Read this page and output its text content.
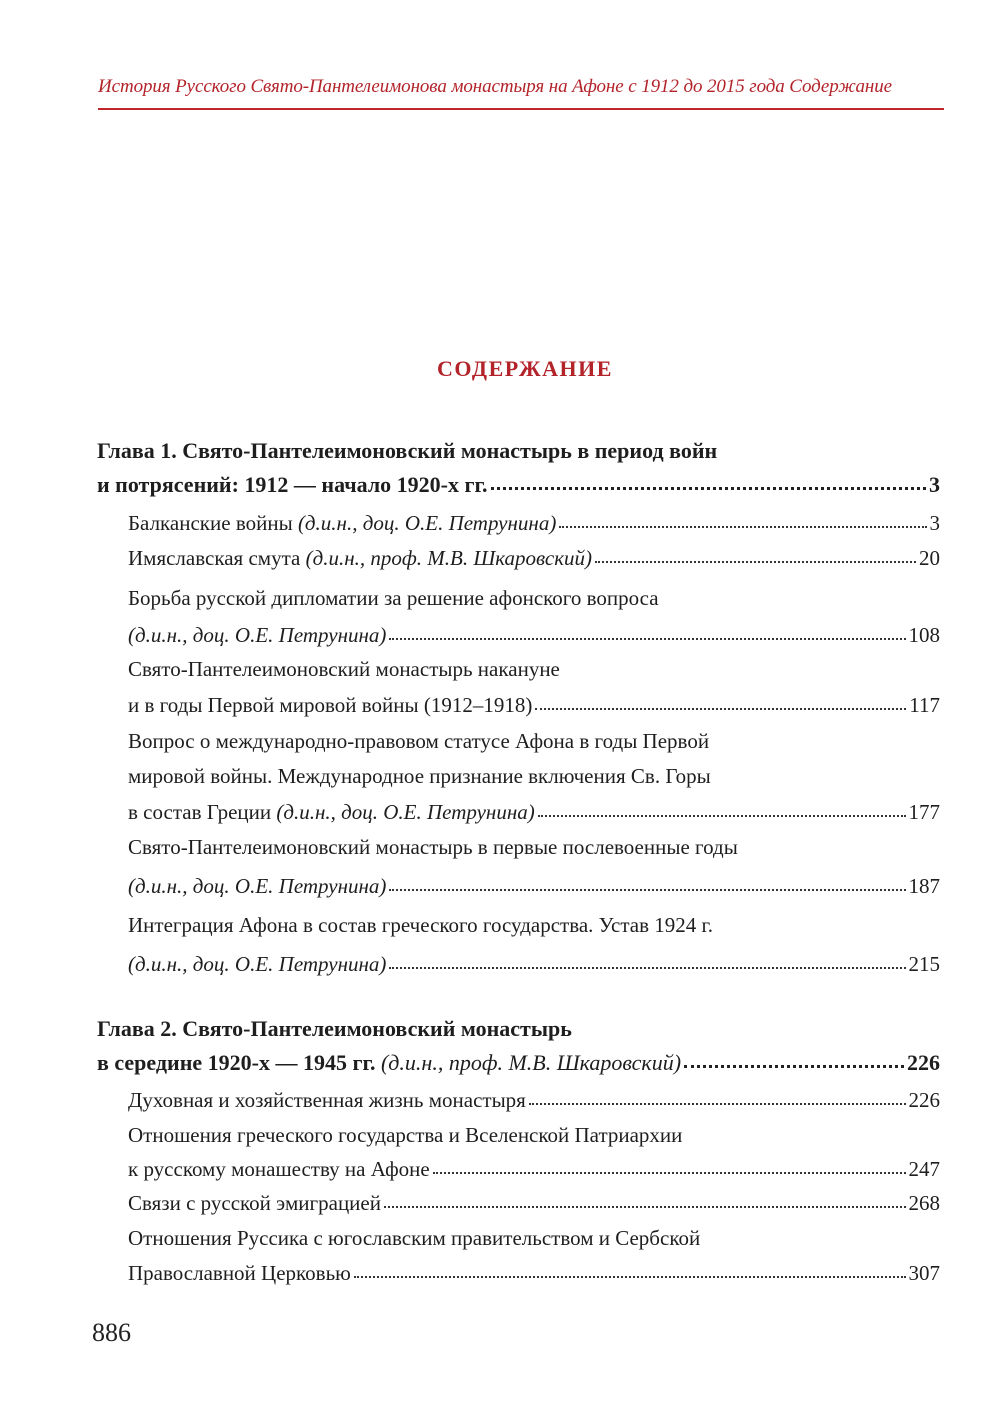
История Русского Свято-Пантелеимонова монастыря на Афоне с 1912 до 2015 года Содержание
СОДЕРЖАНИЕ
Глава 1. Свято-Пантелеимоновский монастырь в период войн
и потрясений: 1912 — начало 1920-х гг.	3
Балканские войны (д.и.н., доц. О.Е. Петрунина)	3
Имяславская смута (д.и.н., проф. М.В. Шкаровский)	20
Борьба русской дипломатии за решение афонского вопроса
(д.и.н., доц. О.Е. Петрунина)	108
Свято-Пантелеимоновский монастырь накануне
и в годы Первой мировой войны (1912–1918)	117
Вопрос о международно-правовом статусе Афона в годы Первой
мировой войны. Международное признание включения Св. Горы
в состав Греции (д.и.н., доц. О.Е. Петрунина)	177
Свято-Пантелеимоновский монастырь в первые послевоенные годы
(д.и.н., доц. О.Е. Петрунина)	187
Интеграция Афона в состав греческого государства. Устав 1924 г.
(д.и.н., доц. О.Е. Петрунина)	215
Глава 2. Свято-Пантелеимоновский монастырь
в середине 1920-х — 1945 гг. (д.и.н., проф. М.В. Шкаровский)	226
Духовная и хозяйственная жизнь монастыря	226
Отношения греческого государства и Вселенской Патриархии
к русскому монашеству на Афоне	247
Связи с русской эмиграцией	268
Отношения Руссика с югославским правительством и Сербской
Православной Церковью	307
886
